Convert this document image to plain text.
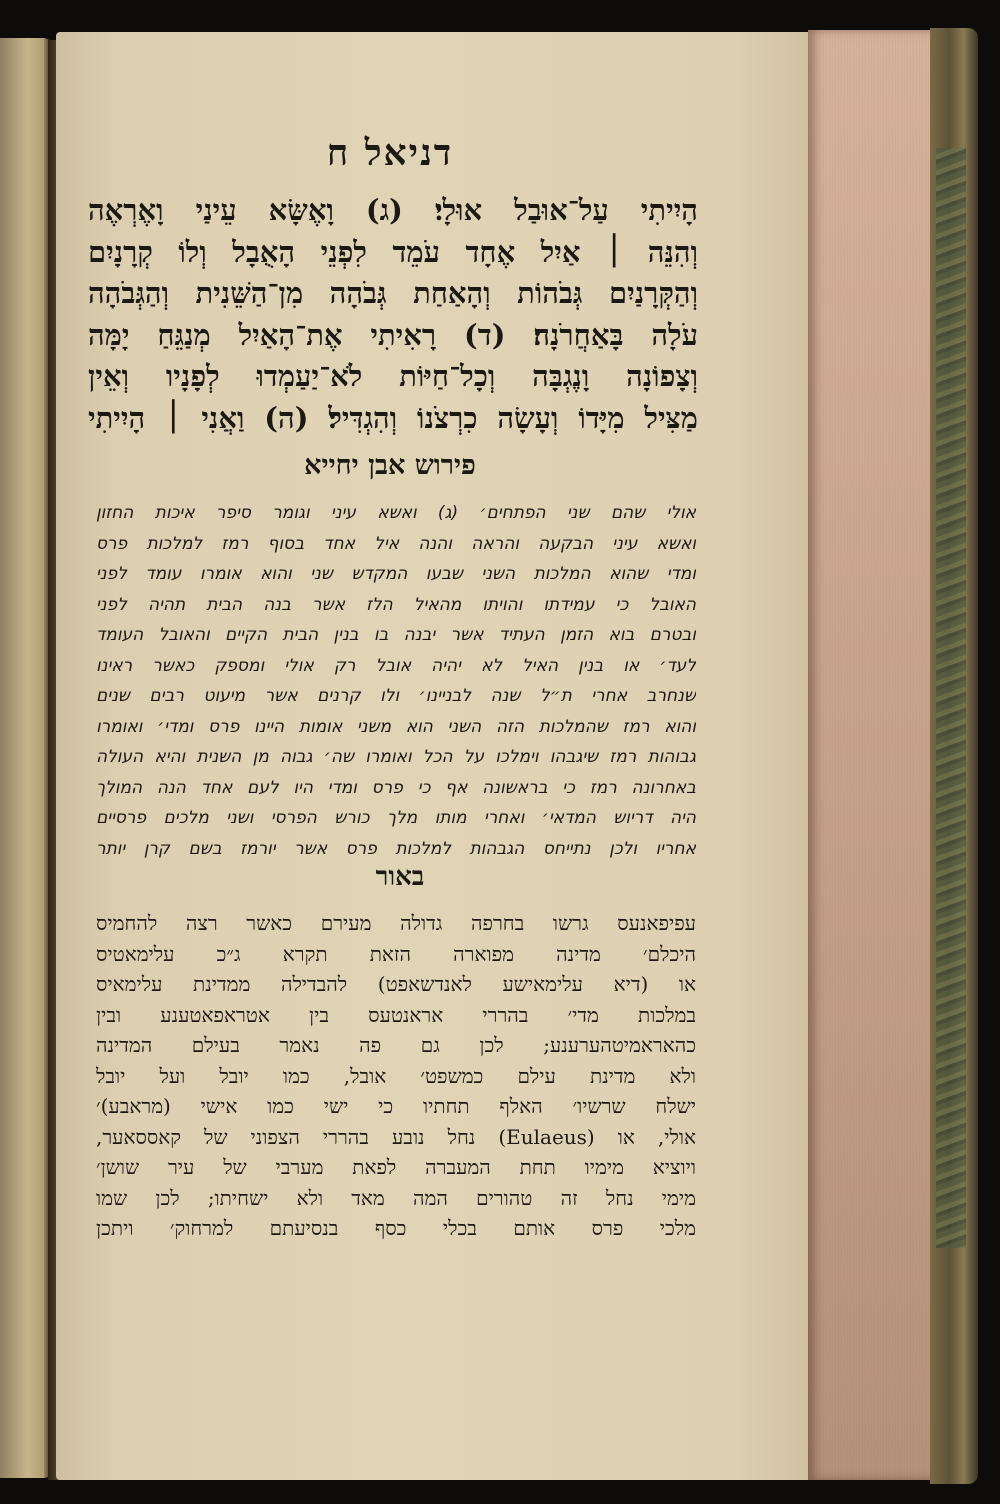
דניאל ח
הָיִיתִי עַל־אוּבַל אוּלָי׃ (ג) וָאֶשָּׂא עֵינַי וָאֶרְאֶה
וְהִנֵּה ׀ אַיִל אֶחָד עֹמֵד לִפְנֵי הָאֻבָל וְלוֹ קְרָנָיִם
וְהַקְּרָנַיִם גְּבֹהוֹת וְהָאַחַת גְּבֹהָה מִן־הַשֵּׁנִית וְהַגְּבֹהָה
עֹלָה בָּאַחֲרֹנָה׃ (ד) רָאִיתִי אֶת־הָאַיִל מְנַגֵּחַ יָמָּה
וְצָפוֹנָה וָנֶגְבָּה וְכָל־חַיּוֹת לֹא־יַעַמְדוּ לְפָנָיו וְאֵין
מַצִּיל מִיָּדוֹ וְעָשָׂה כִרְצֹנוֹ וְהִגְדִּיל׃ (ה) וַאֲנִי ׀ הָיִיתִי
פירוש אבן יחייא
אולי שהם שני הפתחים׳ (ג) ואשא עיני וגומר סיפר איכות החזון
ואשא עיני הבקעה והראה והנה איל אחד בסוף רמז למלכות פרס
ומדי שהוא המלכות השני שבעו המקדש שני והוא אומרו עומד לפני
האובל כי עמידתו והויתו מהאיל הלז אשר בנה הבית תהיה לפני
ובטרם בוא הזמן העתיד אשר יבנה בו בנין הבית הקיים והאובל העומד
לעד׳ או בנין האיל לא יהיה אובל רק אולי ומספק כאשר ראינו
שנחרב אחרי ת״ל שנה לבניינו׳ ולו קרנים אשר מיעוט רבים שנים
והוא רמז שהמלכות הזה השני הוא משני אומות היינו פרס ומדי׳ ואומרו
גבוהות רמז שיגבהו וימלכו על הכל ואומרו שה׳ גבוה מן השנית והיא העולה
באחרונה רמז כי בראשונה אף כי פרס ומדי היו לעם אחד הנה המולך
היה דריוש המדאי׳ ואחרי מותו מלך כורש הפרסי ושני מלכים פרסיים
אחריו ולכן נתייחס הגבהות למלכות פרס אשר יורמז בשם קרן יותר
באור
עפיפאנעס גרשו בחרפה גדולה מעירם כאשר רצה להחמיס
היכלם׳ מדינה מפוארה הזאת תקרא ג״כ עלימאטיס
או (דיא עלימאישע לאנדשאפט) להבדילה ממדינת עלימאיס
במלכות מדי׳ בהררי אראנטעס בין אטראפאטענע ובין
כהאראמיטהערענע; לכן גם פה נאמר בעילם המדינה
ולא מדינת עילם כמשפט׳ אובל, כמו יובל ועל יובל
ישלח שרשיו׳ האלף תחתיו כי ישי כמו אישי (מראבע)׳
אולי, או (Eulaeus) נחל נובע בהררי הצפוני של קאססאער,
ויוציא מימיו תחת המעברה לפאת מערבי של עיר שושן׳
מימי נחל זה טהורים המה מאד ולא ישחיתו; לכן שמו
מלכי פרס אותם בכלי כסף בנסיעתם למרחוק׳ ויתכן
